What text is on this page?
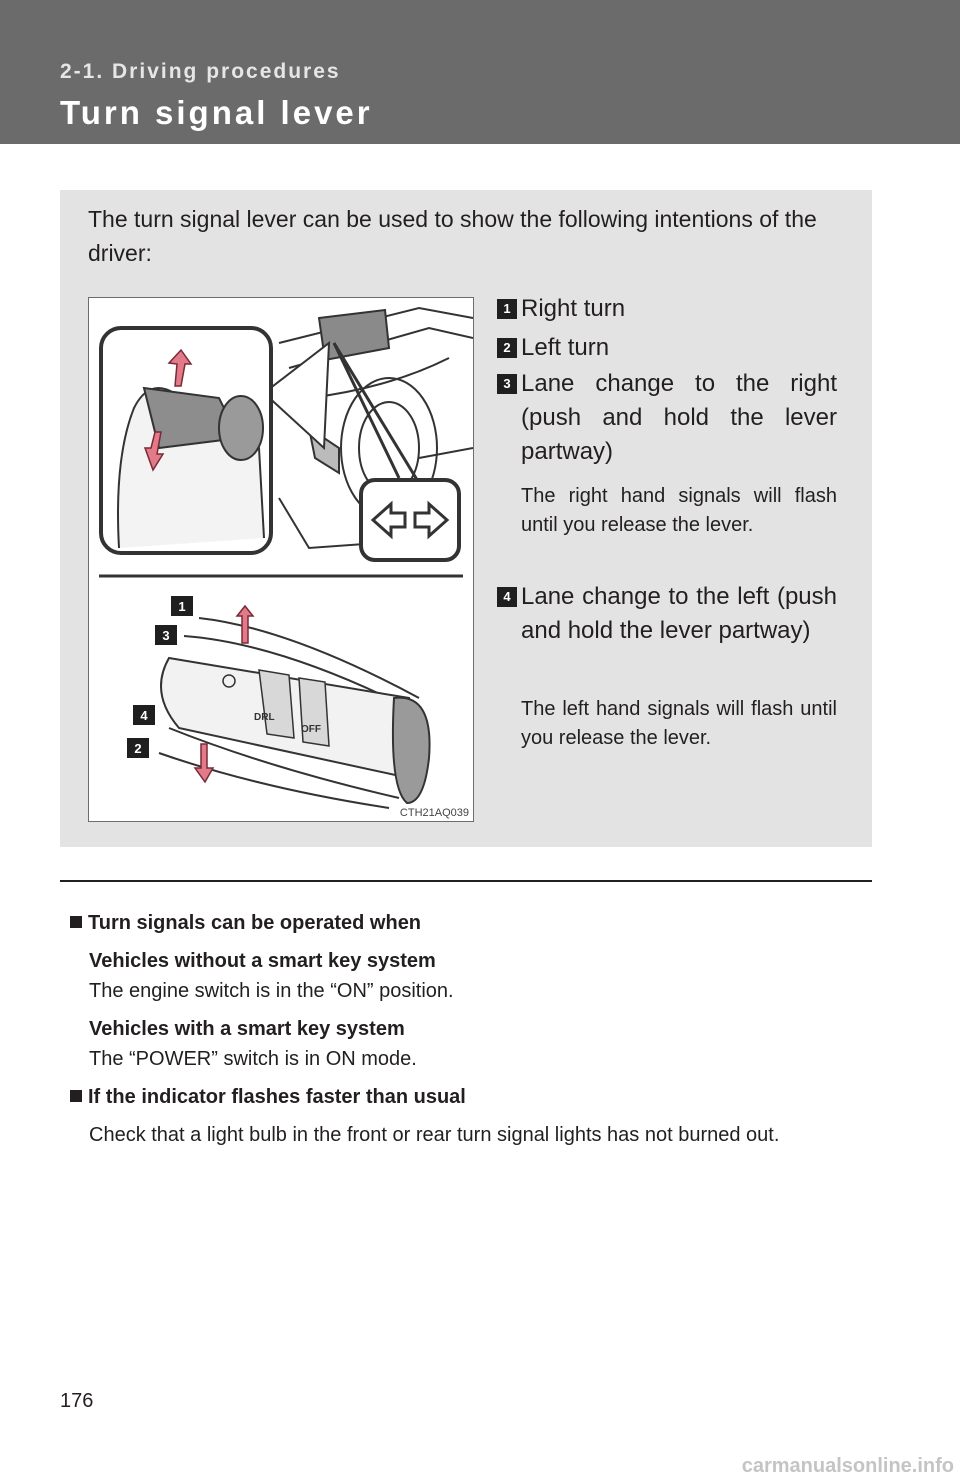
2-1. Driving procedures
Turn signal lever
The turn signal lever can be used to show the following intentions of the driver:
DRL
OFF
1
3
4
2
CTH21AQ039
1 Right turn
2 Left turn
3 Lane change to the right (push and hold the lever partway)
The right hand signals will flash until you release the lever.
4 Lane change to the left (push and hold the lever partway)
The left hand signals will flash until you release the lever.
Turn signals can be operated when
Vehicles without a smart key system
The engine switch is in the “ON” position.
Vehicles with a smart key system
The “POWER” switch is in ON mode.
If the indicator flashes faster than usual
Check that a light bulb in the front or rear turn signal lights has not burned out.
176
carmanualsonline.info
